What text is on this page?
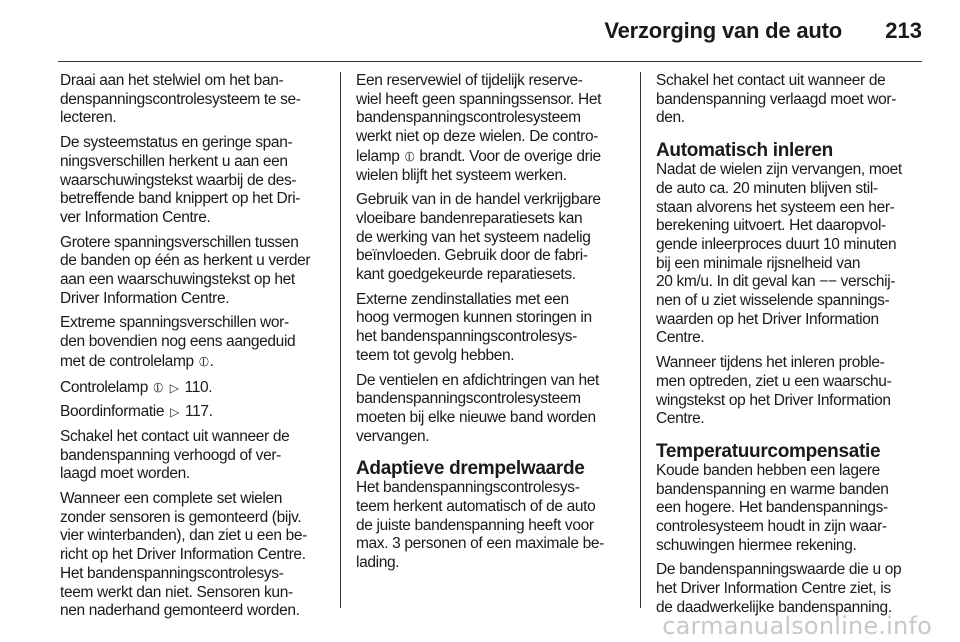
Verzorging van de auto 213

Draai aan het stelwiel om het ban-
denspanningscontrolesysteem te se-
lecteren.

De systeemstatus en geringe span-
ningsverschillen herkent u aan een
waarschuwingstekst waarbij de des-
betreffende band knippert op het Dri-
ver Information Centre.

Grotere spanningsverschillen tussen
de banden op één as herkent u verder
aan een waarschuwingstekst op het
Driver Information Centre.

Extreme spanningsverschillen wor-
den bovendien nog eens aangeduid
met de controlelamp ⦶.

Controlelamp ⦶ ▷ 110.

Boordinformatie ▷ 117.

Schakel het contact uit wanneer de
bandenspanning verhoogd of ver-
laagd moet worden.

Wanneer een complete set wielen
zonder sensoren is gemonteerd (bijv.
vier winterbanden), dan ziet u een be-
richt op het Driver Information Centre.
Het bandenspanningscontrolesys-
teem werkt dan niet. Sensoren kun-
nen naderhand gemonteerd worden.

Een reservewiel of tijdelijk reserve-
wiel heeft geen spanningssensor. Het
bandenspanningscontrolesysteem
werkt niet op deze wielen. De contro-
lelamp ⦶ brandt. Voor de overige drie
wielen blijft het systeem werken.

Gebruik van in de handel verkrijgbare
vloeibare bandenreparatiesets kan
de werking van het systeem nadelig
beïnvloeden. Gebruik door de fabri-
kant goedgekeurde reparatiesets.

Externe zendinstallaties met een
hoog vermogen kunnen storingen in
het bandenspanningscontrolesys-
teem tot gevolg hebben.

De ventielen en afdichtringen van het
bandenspanningscontrolesysteem
moeten bij elke nieuwe band worden
vervangen.

Adaptieve drempelwaarde

Het bandenspanningscontrolesys-
teem herkent automatisch of de auto
de juiste bandenspanning heeft voor
max. 3 personen of een maximale be-
lading.

Schakel het contact uit wanneer de
bandenspanning verlaagd moet wor-
den.

Automatisch inleren

Nadat de wielen zijn vervangen, moet
de auto ca. 20 minuten blijven stil-
staan alvorens het systeem een her-
berekening uitvoert. Het daaropvol-
gende inleerproces duurt 10 minuten
bij een minimale rijsnelheid van
20 km/u. In dit geval kan −− verschij-
nen of u ziet wisselende spannings-
waarden op het Driver Information
Centre.

Wanneer tijdens het inleren proble-
men optreden, ziet u een waarschu-
wingstekst op het Driver Information
Centre.

Temperatuurcompensatie

Koude banden hebben een lagere
bandenspanning en warme banden
een hogere. Het bandenspannings-
controlesysteem houdt in zijn waar-
schuwingen hiermee rekening.

De bandenspanningswaarde die u op
het Driver Information Centre ziet, is
de daadwerkelijke bandenspanning.

carmanualsonline.info
